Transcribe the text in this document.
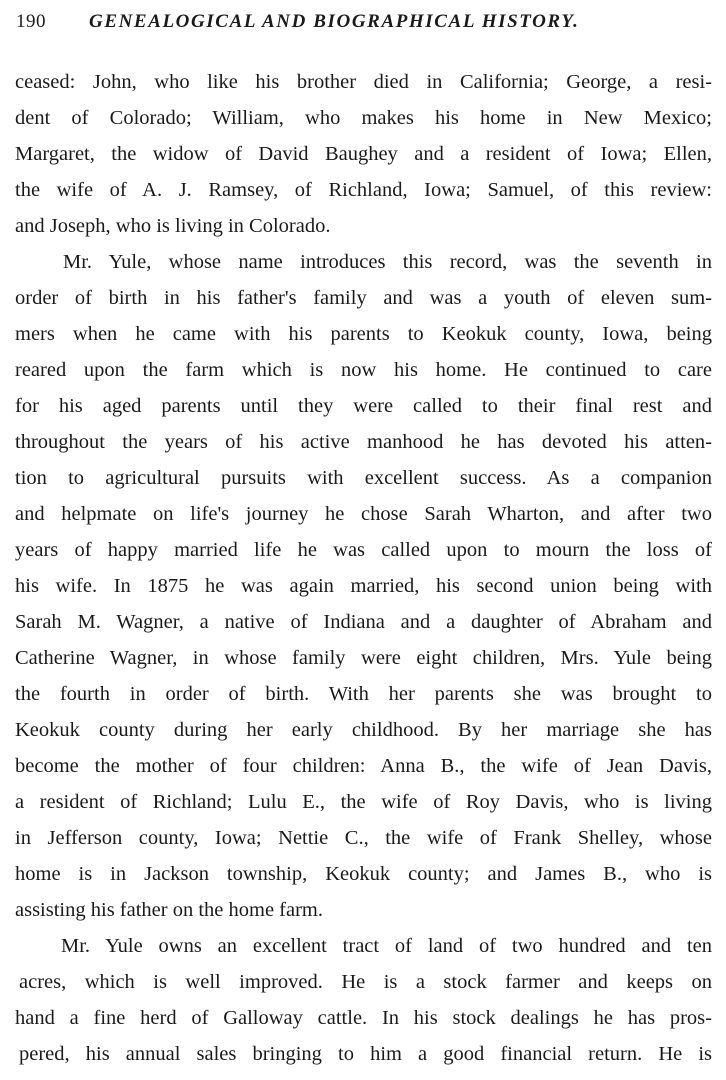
190 GENEALOGICAL AND BIOGRAPHICAL HISTORY.
ceased: John, who like his brother died in California; George, a resi-
dent of Colorado; William, who makes his home in New Mexico;
Margaret, the widow of David Baughey and a resident of Iowa; Ellen,
the wife of A. J. Ramsey, of Richland, Iowa; Samuel, of this review:
and Joseph, who is living in Colorado.
Mr. Yule, whose name introduces this record, was the seventh in
order of birth in his father's family and was a youth of eleven sum-
mers when he came with his parents to Keokuk county, Iowa, being
reared upon the farm which is now his home. He continued to care
for his aged parents until they were called to their final rest and
throughout the years of his active manhood he has devoted his atten-
tion to agricultural pursuits with excellent success. As a companion
and helpmate on life's journey he chose Sarah Wharton, and after two
years of happy married life he was called upon to mourn the loss of
his wife. In 1875 he was again married, his second union being with
Sarah M. Wagner, a native of Indiana and a daughter of Abraham and
Catherine Wagner, in whose family were eight children, Mrs. Yule being
the fourth in order of birth. With her parents she was brought to
Keokuk county during her early childhood. By her marriage she has
become the mother of four children: Anna B., the wife of Jean Davis,
a resident of Richland; Lulu E., the wife of Roy Davis, who is living
in Jefferson county, Iowa; Nettie C., the wife of Frank Shelley, whose
home is in Jackson township, Keokuk county; and James B., who is
assisting his father on the home farm.
Mr. Yule owns an excellent tract of land of two hundred and ten
acres, which is well improved. He is a stock farmer and keeps on
hand a fine herd of Galloway cattle. In his stock dealings he has pros-
pered, his annual sales bringing to him a good financial return. He is
